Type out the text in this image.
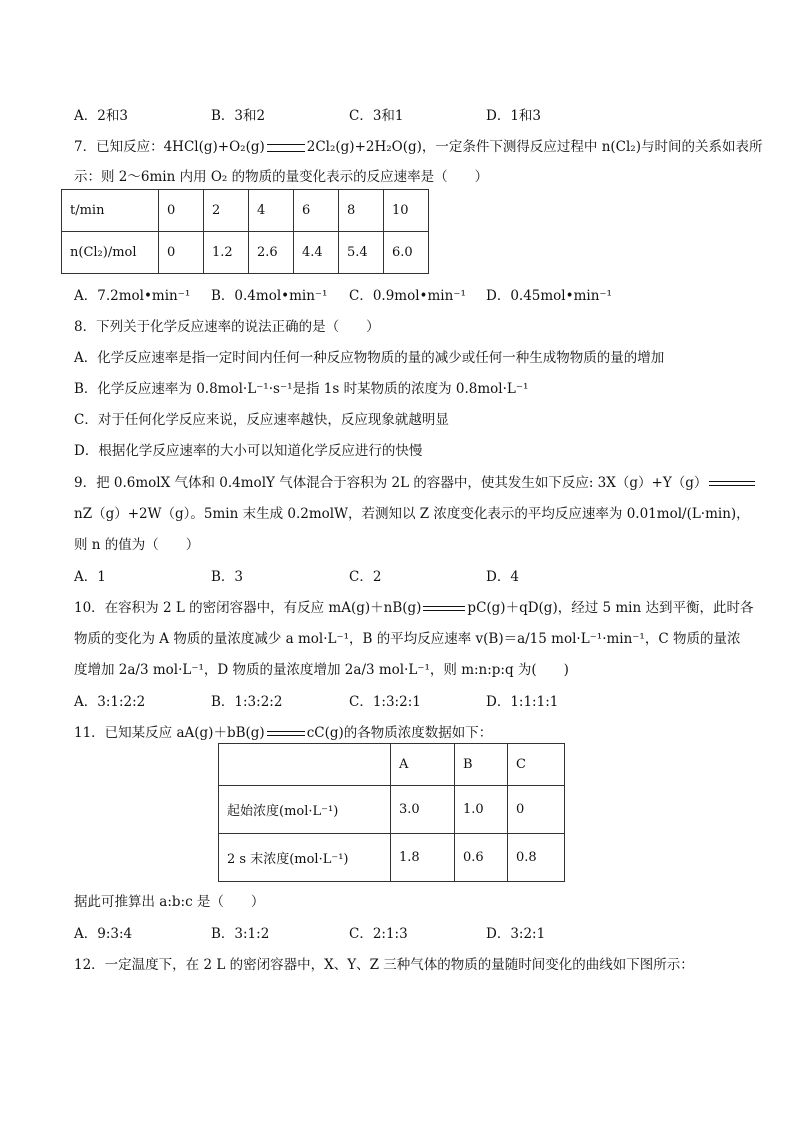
A．2和3	B．3和2	C．3和1	D．1和3
7．已知反应：4HCl(g)+O₂(g)	2Cl₂(g)+2H₂O(g)，一定条件下测得反应过程中 n(Cl₂)与时间的关系如表所
示：则 2～6min 内用 O₂ 的物质的量变化表示的反应速率是（　　）
t/min	0	2	4	6	8	10
n(Cl₂)/mol	0	1.2	2.6	4.4	5.4	6.0
A．7.2mol•min⁻¹ B．0.4mol•min⁻¹ C．0.9mol•min⁻¹ D．0.45mol•min⁻¹
8．下列关于化学反应速率的说法正确的是（　　）
A．化学反应速率是指一定时间内任何一种反应物物质的量的减少或任何一种生成物物质的量的增加
B．化学反应速率为 0.8mol·L⁻¹·s⁻¹是指 1s 时某物质的浓度为 0.8mol·L⁻¹
C．对于任何化学反应来说，反应速率越快，反应现象就越明显
D．根据化学反应速率的大小可以知道化学反应进行的快慢
9．把 0.6molX 气体和 0.4molY 气体混合于容积为 2L 的容器中，使其发生如下反应: 3X（g）+Y（g）
nZ（g）+2W（g）。5min 末生成 0.2molW，若测知以 Z 浓度变化表示的平均反应速率为 0.01mol/(L·min)，
则 n 的值为（　　）
A．1	B．3	C．2	D．4
10．在容积为 2 L 的密闭容器中，有反应 mA(g)＋nB(g)	pC(g)＋qD(g)，经过 5 min 达到平衡，此时各
物质的变化为 A 物质的量浓度减少 a mol·L⁻¹，B 的平均反应速率 v(B)＝a/15 mol·L⁻¹·min⁻¹，C 物质的量浓
度增加 2a/3 mol·L⁻¹，D 物质的量浓度增加 2a/3 mol·L⁻¹，则 m:n:p:q 为(　　)
A．3:1:2:2	B．1:3:2:2	C．1:3:2:1	D．1:1:1:1
11．已知某反应 aA(g)＋bB(g)	cC(g)的各物质浓度数据如下：
	A	B	C
起始浓度(mol·L⁻¹)	3.0	1.0	0
2 s 末浓度(mol·L⁻¹)	1.8	0.6	0.8
据此可推算出 a:b:c 是（　　）
A．9:3:4	B．3:1:2	C．2:1:3	D．3:2:1
12．一定温度下，在 2 L 的密闭容器中，X、Y、Z 三种气体的物质的量随时间变化的曲线如下图所示：
